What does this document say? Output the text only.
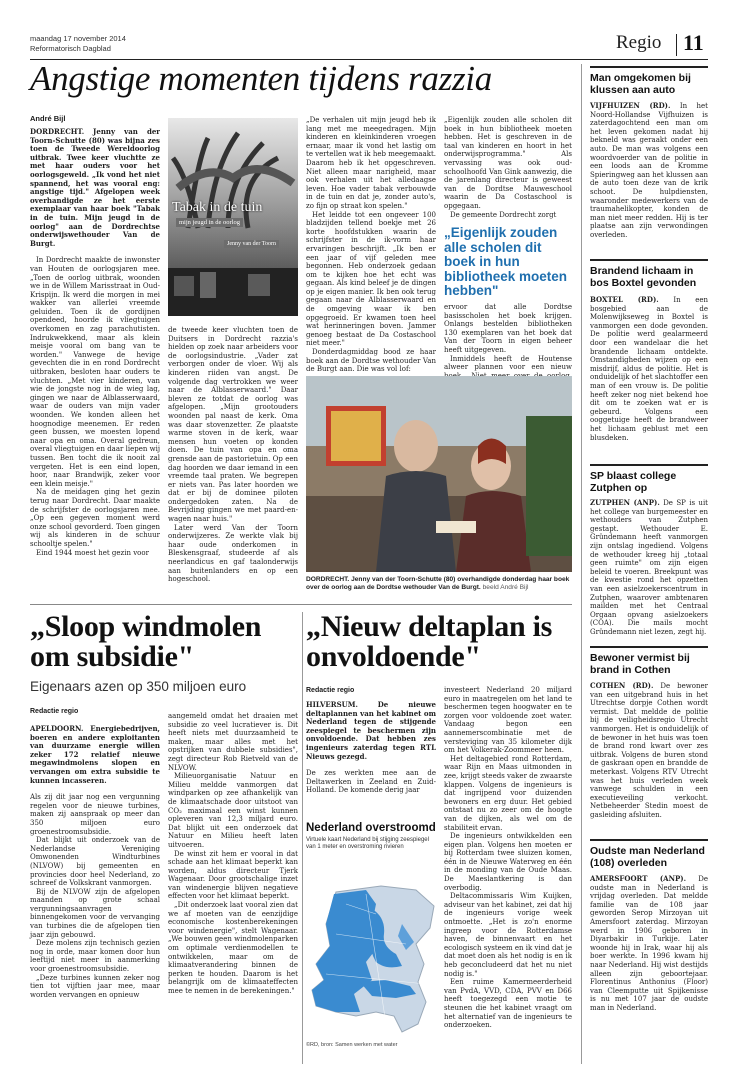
maandag 17 november 2014
Reformatorisch Dagblad	Regio 11
Angstige momenten tijdens razzia
André Bijl

DORDRECHT. Jenny van der Toorn-Schutte (80) was bijna zes toen de Tweede Wereldoorlog uitbrak. Twee keer vluchtte ze met haar ouders voor het oorlogsgeweld. „Ik vond het niet spannend, het was vooral eng: angstige tijd." Afgelopen week overhandigde ze het eerste exemplaar van haar boek "Tabak in de tuin. Mijn jeugd in de oorlog" aan de Dordrechtse onderwijswethouder Van de Burgt.

In Dordrecht maakte de inwonster van Houten de oorlogsjaren mee. „Toen de oorlog uitbrak, woonden we in de Willem Marisstraat in Oud-Krispijn. Ik werd die morgen in mei wakker van allerlei vreemde geluiden. Toen ik de gordijnen opendeed, hoorde ik vliegtuigen overkomen en zag parachutisten. Indrukwekkend, maar als klein meisje vooral om bang van te worden." Vanwege de hevige gevechten die in en rond Dordrecht uitbraken, besloten haar ouders te vluchten. „Met vier kinderen, van wie de jongste nog in de wieg lag, gingen we naar de Alblasserwaard, waar de ouders van mijn vader woonden. We konden alleen het hoognodige meenemen. Er reden geen bussen, we moesten lopend naar opa en oma. Overal gedreun, overal vliegtuigen en daar liepen wij tussen. Ben tocht die ik nooit zal vergeten. Het is een eind lopen, hoor, naar Brandwijk, zeker voor een klein meisje."

Na de meidagen ging het gezin terug naar Dordrecht. Daar maakte de schrijfster de oorlogsjaren mee. „Op een gegeven moment werd onze school gevorderd. Toen gingen wij als kinderen in de schuur schooltje spelen."

Eind 1944 moest het gezin voor

Tabak in de tuin
mijn jeugd in de oorlog
Jenny van der Toorn

de tweede keer vluchten toen de Duitsers in Dordrecht razzia's hielden op zoek naar arbeiders voor de oorlogsindustrie. „Vader zat verborgen onder de vloer. Wij als kinderen riiden van angst. De volgende dag vertrokken we weer naar de Alblasserwaard." Daar bleven ze totdat de oorlog was afgelopen. „Mijn grootouders woonden pal naast de kerk. Oma was daar stovenzetter. Ze plaatste warme stoven in de kerk, waar mensen hun voeten op konden doen. De tuin van opa en oma grensde aan de pastorietuin. Op een dag hoorden we daar iemand in een vreemde taal praten. We begrepen er niets van. Pas later hoorden we dat er bij de dominee piloten ondergedoken zaten. Na de Bevrijding gingen we met paard-en-wagen naar huis."

Later werd Van der Toorn onderwijzeres. Ze werkte vlak bij haar oude onderkomen in Bleskensgraaf, studeerde af als neerlandicus en gaf taalonderwijs aan buitenlanders en op een hogeschool.

„De verhalen uit mijn jeugd heb ik lang met me meegedragen. Mijn kinderen en kleinkinderen vroegen ernaar, maar ik vond het lastig om te vertellen wat ik heb meegemaakt. Daarom heb ik het opgeschreven. Niet alleen maar narigheid, maar ook verhalen uit het alledaagse leven. Hoe vader tabak verbouwde in de tuin en dat je, zonder auto's, zo fijn op straat kon spelen."

Het leidde tot een ongeveer 100 bladzijden tellend boekje met 26 korte hoofdstukken waarin de schrijfster in de ik-vorm haar ervaringen beschrijft. „Ik ben er een jaar of vijf geleden mee begonnen. Heb onderzoek gedaan om te kijken hoe het echt was gegaan. Als kind beleef je de dingen op je eigen manier. Ik ben ook terug gegaan naar de Alblasserwaard en de omgeving waar ik ben opgegroeid. Er kwamen toen heel wat herinneringen boven. Jammer genoeg bestaat de Da Costaschool niet meer."

Donderdagmiddag bood ze haar boek aan de Dordtse wethouder Van de Burgt aan. Die was vol lof:

„Eigenlijk zouden alle scholen dit boek in hun bibliotheek moeten hebben. Het is geschreven in de taal van kinderen en hoort in het onderwijsprogramma." Als vervassing was ook oud-schoolhoofd Van Gink aanwezig, die de jarenlang directeur is geweest van de Dordtse Mauweschool waarin de Da Costaschool is opgegaan.

De gemeente Dordrecht zorgt

„Eigenlijk zouden alle scholen dit boek in hun bibliotheek moeten hebben"

ervoor dat alle Dordtse basisscholen het boek krijgen. Onlangs bestelden bibliotheken 130 exemplaren van het boek dat Van der Toorn in eigen beheer heeft uitgegeven.

Inmiddels heeft de Houtense alweer plannen voor een nieuw

DORDRECHT. Jenny van der Toorn-Schutte (80) overhandigde donderdag haar boek over de oorlog aan de Dordtse wethouder Van de Burgt. beeld André Bijl
„Sloop windmolen om subsidie"
Eigenaars azen op 350 miljoen euro
Redactie regio

APELDOORN. Energiebedrijven, boeren en andere exploitanten van duurzame energie willen zeker 172 relatief nieuwe megawindmolens slopen en vervangen om extra subsidie te kunnen incasseren.

Als zij dit jaar nog een vergunning regelen voor de nieuwe turbines, maken zij aanspraak op meer dan 350 miljoen euro groenestroomsubsidie.

Dat blijkt uit onderzoek van de Nederlandse Vereniging Omwonenden Windturbines (NLVOW) bij gemeenten en provincies door heel Nederland, zo schreef de Volkskrant vanmorgen.

Bij de NLVOW zijn de afgelopen maanden op grote schaal vergunningsaanvragen binnengekomen voor de vervanging van turbines die de afgelopen tien jaar zijn gebouwd.

Deze molens zijn technisch gezien nog in orde, maar komen door hun leeftijd niet meer in aanmerking voor groenestroomsubsidie.

„Deze turbines kunnen zeker nog tien tot vijftien jaar mee, maar worden vervangen en opnieuw

aangemeld omdat het draaien met subsidie zo veel lucratiever is. Dit heeft niets met duurzaamheid te maken, maar alles met het opstrijken van dubbele subsidies", zegt directeur Rob Rietveld van de NLVOW.

Milieuorganisatie Natuur en Milieu meldde vanmorgen dat windparken op zee afhankelijk van de klimaatschade door uitstoot van CO₂ maximaal een winst kunnen opleveren van 12,3 miljard euro. Dat blijkt uit een onderzoek dat Natuur en Milieu heeft laten uitvoeren.

De winst zit hem er vooral in dat schade aan het klimaat beperkt kan worden, aldus directeur Tjerk Wagenaar. Door grootschalige inzet van windenergie blijven negatieve effecten voor het klimaat beperkt.

„Dit onderzoek laat vooral zien dat we af moeten van de eenzijdige economische kostenberekeningen voor windenergie", stelt Wagenaar. „We bouwen geen windmolenparken om optimale verdienmodellen te ontwikkelen, maar om de klimaatverandering binnen de perken te houden. Daarom is het belangrijk om de klimaateffecten mee te nemen in de berekeningen."

„Nieuw deltaplan is onvoldoende"
Redactie regio

HILVERSUM.	De nieuwe deltaplannen van het kabinet om Nederland tegen de stijgende zeespiegel te beschermen zijn onvoldoende. Dat hebben zes ingenieurs zaterdag tegen RTL Nieuws gezegd.

De zes werkten mee aan de Deltawerken in Zeeland en Zuid-Holland. De komende derig jaar

Nederland overstroomd
Virtuele kaart Nederland bij stijging zeespiegel van 1 meter en overstroming rivieren
©RD, bron: Samen werken met water

investeert Nederland 20 miljard euro in maatregelen om het land te beschermen tegen hoogwater en te zorgen voor voldoende zoet water. Vandaag begon een aannemerscombinatie met de versteviging van 35 kilometer dijk om het Volkerak-Zoommeer heen.

Het deltagebied rond Rotterdam, waar Rijn en Maas uitmonden in zee, krijgt steeds vaker de zwaarste klappen. Volgens de ingenieurs is dat ingrijpend voor duizenden bewoners en erg duur. Het gebied ontstaat nu zo zeer om de hoogte van de dijken, als wel om de stabiliteit ervan.

De ingenieurs ontwikkelden een eigen plan. Volgens hen moeten er bij Rotterdam twee sluizen komen, één in de Nieuwe Waterweg en één in de monding van de Oude Maas. De Maeslantkering is dan overbodig.

Deltacommissaris Wim Kuijken, adviseur van het kabinet, zei dat hij de ingenieurs vorige week ontmoette. „Het is zo'n enorme ingreep voor de Rotterdamse haven, de binnenvaart en het ecologisch systeem en ik vind dat je dat moet doen als het nodig is en ik heb geconcludeerd dat het nu niet nodig is."

Een ruime Kamermeerderheid van PvdA, VVD, CDA, PVV en D66 heeft toegezegd een motie te steunen die het kabinet vraagt om het alternatief van de ingenieurs te onderzoeken.

Man omgekomen bij klussen aan auto
VIJFHUIZEN (RD). In het Noord-Hollandse Vijfhuizen is zaterdagochtend een man om het leven gekomen nadat hij bekneld was geraakt onder een auto. De man was volgens een woordvoerder van de politie in een loods aan de Kromme Spieringweg aan het klussen aan de auto toen deze van de krik schoot. De hulpdiensten, waaronder medewerkers van de traumahelikopter, konden de man niet meer redden. Hij is ter plaatse aan zijn verwondingen overleden.
Brandend lichaam in bos Boxtel gevonden
BOXTEL (RD). In een bosgebied aan de Molenwijkseweg in Boxtel is vanmorgen een dode gevonden. De politie werd gealarmeerd door een wandelaar die het brandende lichaam ontdekte. Omstandigheden wijzen op een misdrijf, aldus de politie. Het is onduidelijk of het slachtoffer een man of een vrouw is. De politie heeft zeker nog niet bekend hoe dit om te zoeken wat er is gebeurd. Volgens een ooggetuige heeft de brandweer het lichaam geblust met een blusdeken.
SP blaast college Zutphen op
ZUTPHEN (ANP). De SP is uit het college van burgemeester en wethouders van Zutphen gestapt. Wethouder E. Gründemann heeft vanmorgen zijn ontslag ingediend. Volgens de wethouder kreeg hij „totaal geen ruimte" om zijn eigen beleid te voeren. Breekpunt was de kwestie rond het opzetten van een asielzoekerscentrum in Zutphen, waarover ambtenaren mailden met het Centraal Orgaan opvang asielzoekers (COA). Die mails mocht Gründemann niet lezen, zegt hij.
Bewoner vermist bij brand in Cothen
COTHEN (RD). De bewoner van een uitgebrand huis in het Utrechtse dorpje Cothen wordt vermist. Dat meldde de politie bij de veiligheidsregio Utrecht vanmorgen. Het is onduidelijk of de bewoner in het huis was toen de brand rond kwart over zes uitbrak. Volgens de buren stond de gaskraan open en brandde de meterkast. Volgens RTV Utrecht was het huis verleden week vanwege schulden in een executieveiling verkocht. Netbeheerder Stedin moest de gasleiding afsluiten.
Oudste man Nederland (108) overleden
AMERSFOORT (ANP). De oudste man in Nederland is vrijdag overleden. Dat meldde familie van de 108 jaar geworden Serop Mirzoyan uit Amersfoort zaterdag. Mirzoyan werd in 1906 geboren in Diyarbakir in Turkije. Later woonde hij in Irak, waar hij als boer werkte. In 1996 kwam hij naar Nederland. Hij wist destijds alleen zijn geboortejaar. Florentinus Anthonius (Floor) van Cleemputte uit Spijkenisse is nu met 107 jaar de oudste man in Nederland.
